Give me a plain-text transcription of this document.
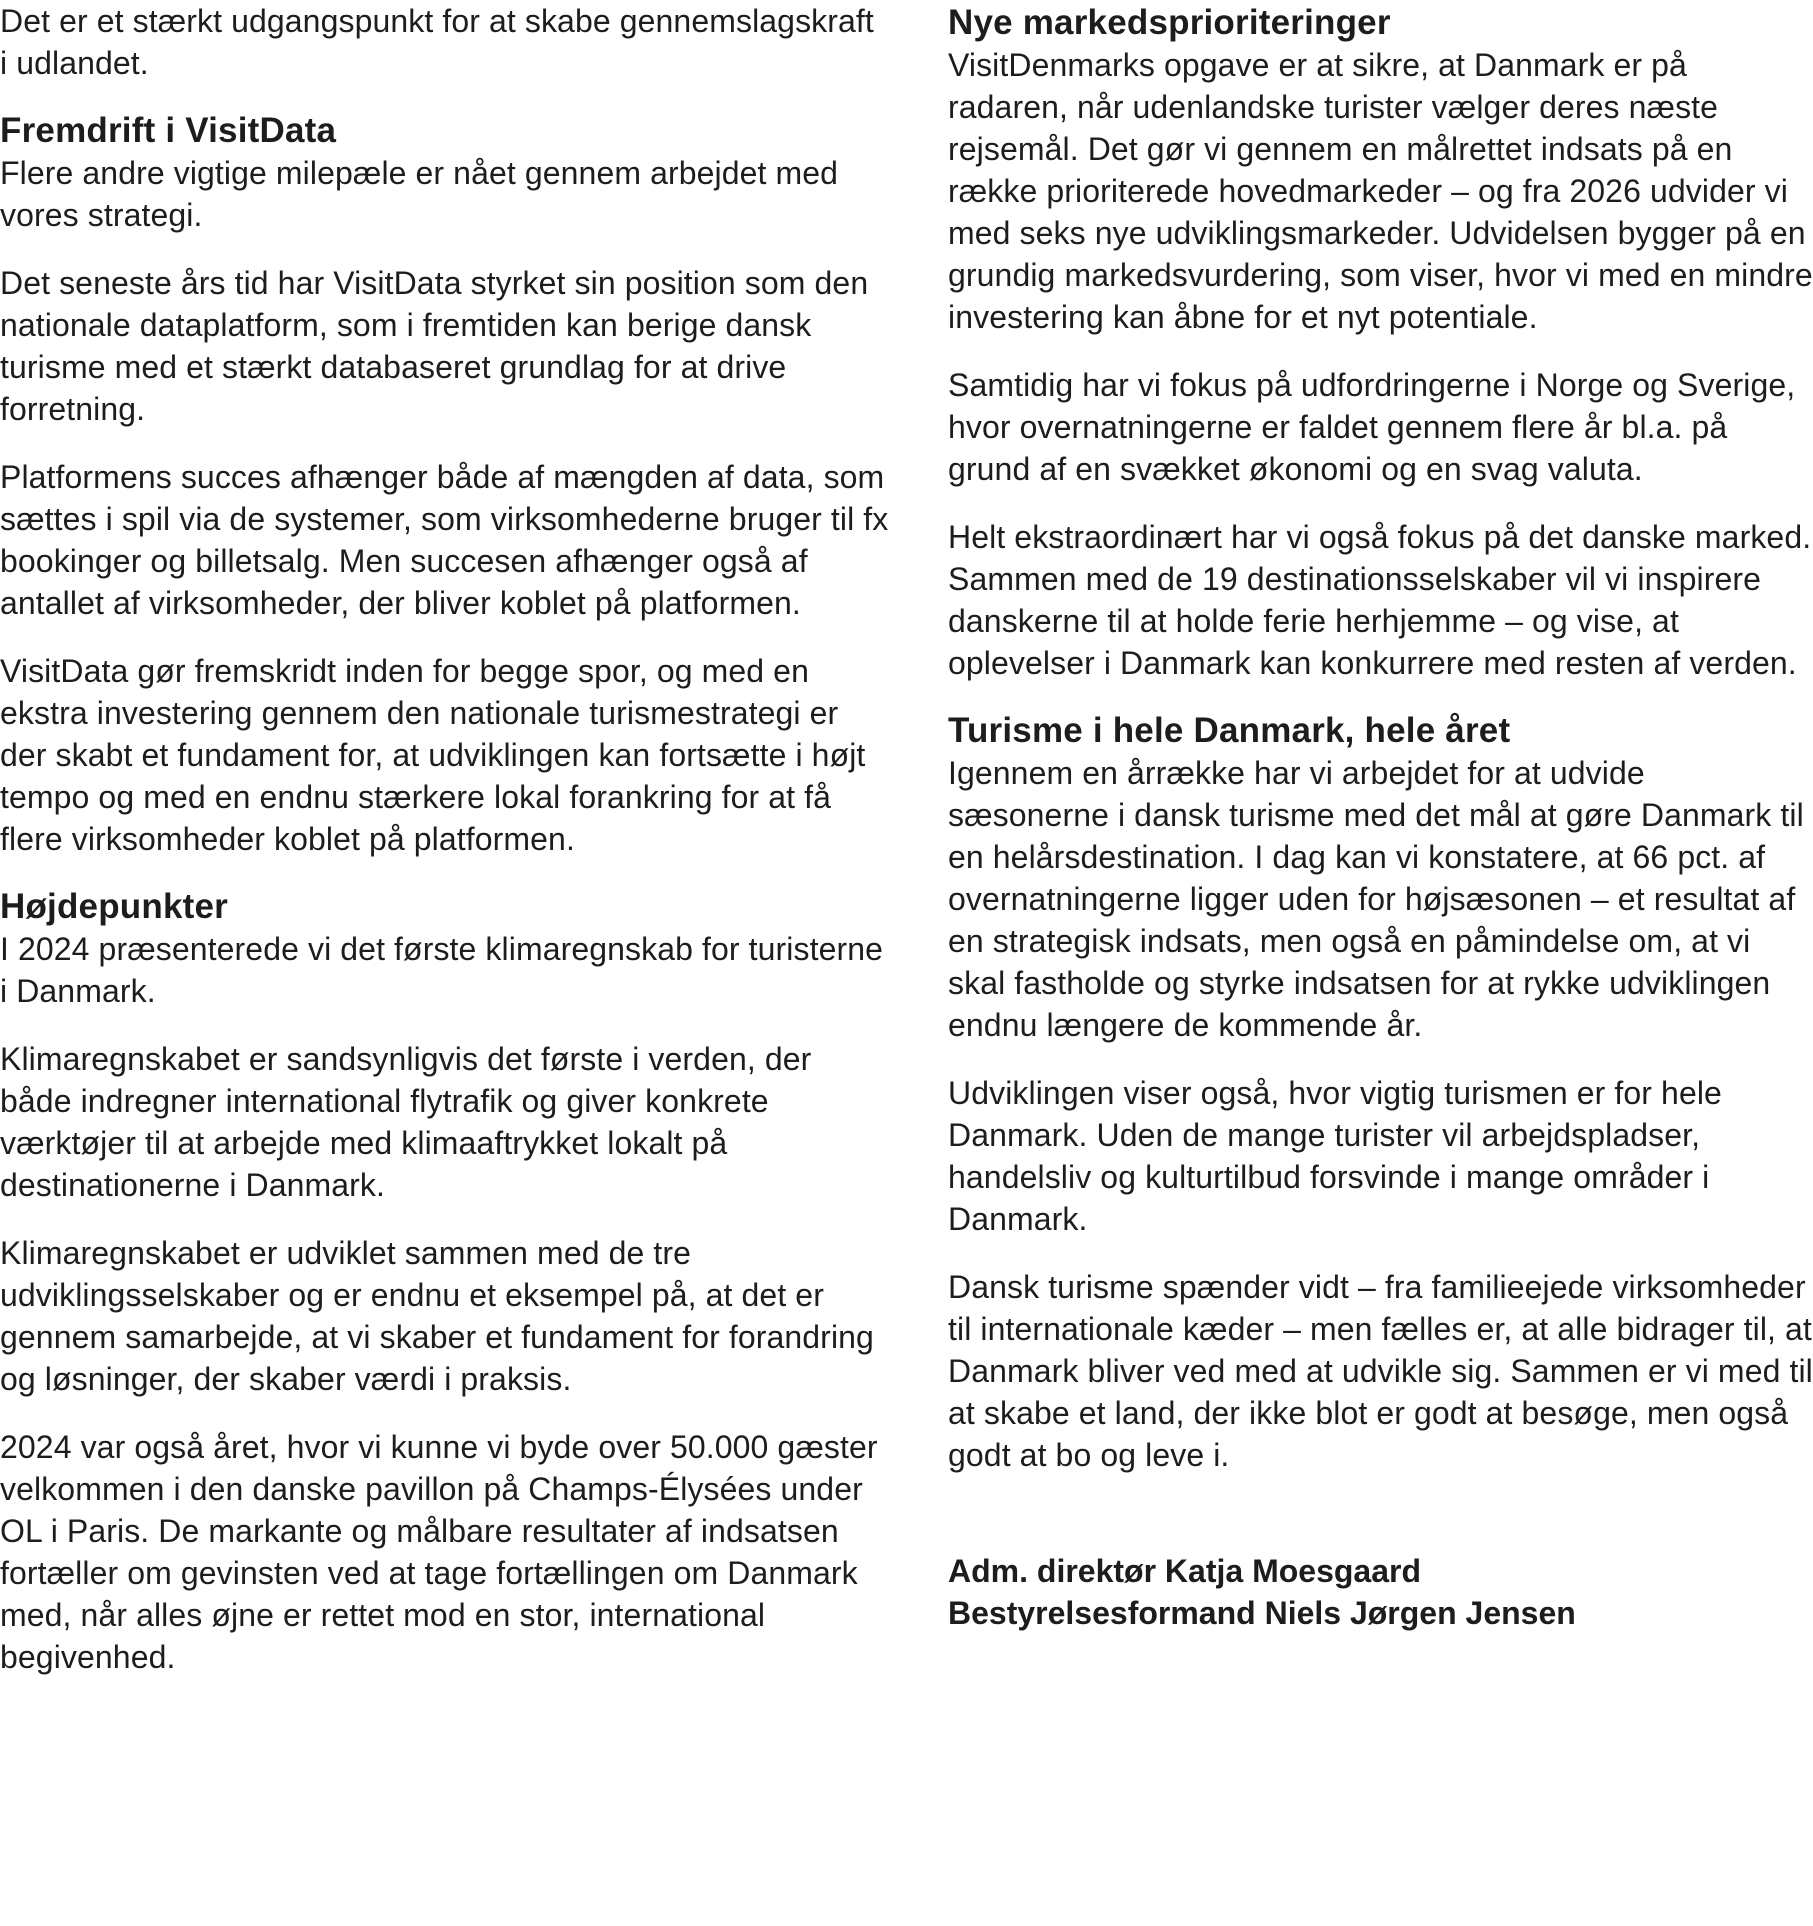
Det er et stærkt udgangspunkt for at skabe gennemslagskraft i udlandet.

Fremdrift i VisitData

Flere andre vigtige milepæle er nået gennem arbejdet med vores strategi.

Det seneste års tid har VisitData styrket sin position som den nationale dataplatform, som i fremtiden kan berige dansk turisme med et stærkt databaseret grundlag for at drive forretning.

Platformens succes afhænger både af mængden af data, som sættes i spil via de systemer, som virksomhederne bruger til fx bookinger og billetsalg. Men succesen afhænger også af antallet af virksomheder, der bliver koblet på platformen.

VisitData gør fremskridt inden for begge spor, og med en ekstra investering gennem den nationale turismestrategi er der skabt et fundament for, at udviklingen kan fortsætte i højt tempo og med en endnu stærkere lokal forankring for at få flere virksomheder koblet på platformen.

Højdepunkter

I 2024 præsenterede vi det første klimaregnskab for turisterne i Danmark.

Klimaregnskabet er sandsynligvis det første i verden, der både indregner international flytrafik og giver konkrete værktøjer til at arbejde med klimaaftrykket lokalt på destinationerne i Danmark.

Klimaregnskabet er udviklet sammen med de tre udviklingsselskaber og er endnu et eksempel på, at det er gennem samarbejde, at vi skaber et fundament for forandring og løsninger, der skaber værdi i praksis.

2024 var også året, hvor vi kunne vi byde over 50.000 gæster velkommen i den danske pavillon på Champs-Élysées under OL i Paris. De markante og målbare resultater af indsatsen fortæller om gevinsten ved at tage fortællingen om Danmark med, når alles øjne er rettet mod en stor, international begivenhed.

Nye markedsprioriteringer

VisitDenmarks opgave er at sikre, at Danmark er på radaren, når udenlandske turister vælger deres næste rejsemål. Det gør vi gennem en målrettet indsats på en række prioriterede hovedmarkeder – og fra 2026 udvider vi med seks nye udviklingsmarkeder. Udvidelsen bygger på en grundig markedsvurdering, som viser, hvor vi med en mindre investering kan åbne for et nyt potentiale.

Samtidig har vi fokus på udfordringerne i Norge og Sverige, hvor overnatningerne er faldet gennem flere år bl.a. på grund af en svækket økonomi og en svag valuta.

Helt ekstraordinært har vi også fokus på det danske marked. Sammen med de 19 destinationsselskaber vil vi inspirere danskerne til at holde ferie herhjemme – og vise, at oplevelser i Danmark kan konkurrere med resten af verden.

Turisme i hele Danmark, hele året

Igennem en årrække har vi arbejdet for at udvide sæsonerne i dansk turisme med det mål at gøre Danmark til en helårsdestination. I dag kan vi konstatere, at 66 pct. af overnatningerne ligger uden for højsæsonen – et resultat af en strategisk indsats, men også en påmindelse om, at vi skal fastholde og styrke indsatsen for at rykke udviklingen endnu længere de kommende år.

Udviklingen viser også, hvor vigtig turismen er for hele Danmark. Uden de mange turister vil arbejdspladser, handelsliv og kulturtilbud forsvinde i mange områder i Danmark.

Dansk turisme spænder vidt – fra familieejede virksomheder til internationale kæder – men fælles er, at alle bidrager til, at Danmark bliver ved med at udvikle sig. Sammen er vi med til at skabe et land, der ikke blot er godt at besøge, men også godt at bo og leve i.

Adm. direktør Katja Moesgaard

Bestyrelsesformand Niels Jørgen Jensen
